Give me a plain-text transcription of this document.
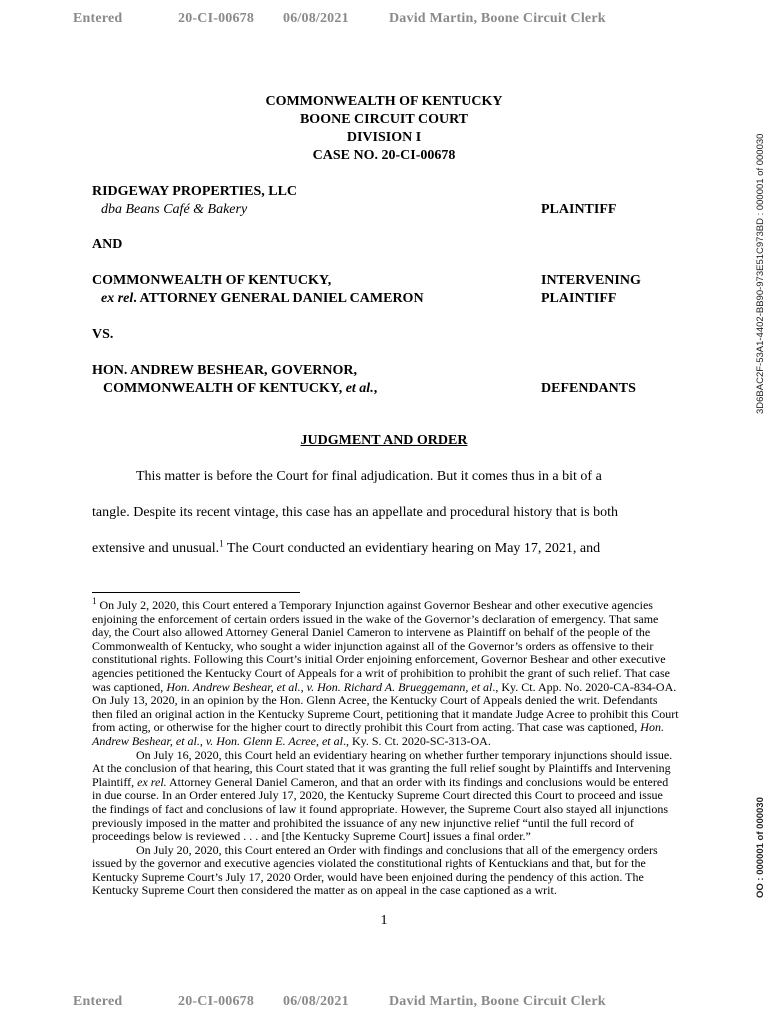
Entered	20-CI-00678 06/08/2021	David Martin, Boone Circuit Clerk
3D6BAC2F-53A1-4402-BB90-973E51C973BD : 000001 of 000030
OO : 000001 of 000030
COMMONWEALTH OF KENTUCKY
BOONE CIRCUIT COURT
DIVISION I
CASE NO. 20-CI-00678
RIDGEWAY PROPERTIES, LLC
dba Beans Café & Bakery	PLAINTIFF
AND
COMMONWEALTH OF KENTUCKY,
ex rel. ATTORNEY GENERAL DANIEL CAMERON
INTERVENING
PLAINTIFF
VS.
HON. ANDREW BESHEAR, GOVERNOR,
COMMONWEALTH OF KENTUCKY, et al.,	DEFENDANTS
JUDGMENT AND ORDER
This matter is before the Court for final adjudication. But it comes thus in a bit of a
tangle. Despite its recent vintage, this case has an appellate and procedural history that is both
extensive and unusual.$^1$ The Court conducted an evidentiary hearing on May 17, 2021, and

$^1$ On July 2, 2020, this Court entered a Temporary Injunction against Governor Beshear and other executive agencies enjoining the enforcement of certain orders issued in the wake of the Governor’s declaration of emergency. That same day, the Court also allowed Attorney General Daniel Cameron to intervene as Plaintiff on behalf of the people of the Commonwealth of Kentucky, who sought a wider injunction against all of the Governor’s orders as offensive to their constitutional rights. Following this Court’s initial Order enjoining enforcement, Governor Beshear and other executive agencies petitioned the Kentucky Court of Appeals for a writ of prohibition to prohibit the grant of such relief. That case was captioned, Hon. Andrew Beshear, et al., v. Hon. Richard A. Brueggemann, et al., Ky. Ct. App. No. 2020-CA-834-OA. On July 13, 2020, in an opinion by the Hon. Glenn Acree, the Kentucky Court of Appeals denied the writ. Defendants then filed an original action in the Kentucky Supreme Court, petitioning that it mandate Judge Acree to prohibit this Court from acting, or otherwise for the higher court to directly prohibit this Court from acting. That case was captioned, Hon. Andrew Beshear, et al., v. Hon. Glenn E. Acree, et al., Ky. S. Ct. 2020-SC-313-OA.

On July 16, 2020, this Court held an evidentiary hearing on whether further temporary injunctions should issue. At the conclusion of that hearing, this Court stated that it was granting the full relief sought by Plaintiffs and Intervening Plaintiff, ex rel. Attorney General Daniel Cameron, and that an order with its findings and conclusions would be entered in due course. In an Order entered July 17, 2020, the Kentucky Supreme Court directed this Court to proceed and issue the findings of fact and conclusions of law it found appropriate. However, the Supreme Court also stayed all injunctions previously imposed in the matter and prohibited the issuance of any new injunctive relief “until the full record of proceedings below is reviewed . . . and [the Kentucky Supreme Court] issues a final order.”

On July 20, 2020, this Court entered an Order with findings and conclusions that all of the emergency orders issued by the governor and executive agencies violated the constitutional rights of Kentuckians and that, but for the Kentucky Supreme Court’s July 17, 2020 Order, would have been enjoined during the pendency of this action. The Kentucky Supreme Court then considered the matter as on appeal in the case captioned as a writ.

1
Entered	20-CI-00678 06/08/2021	David Martin, Boone Circuit Clerk
